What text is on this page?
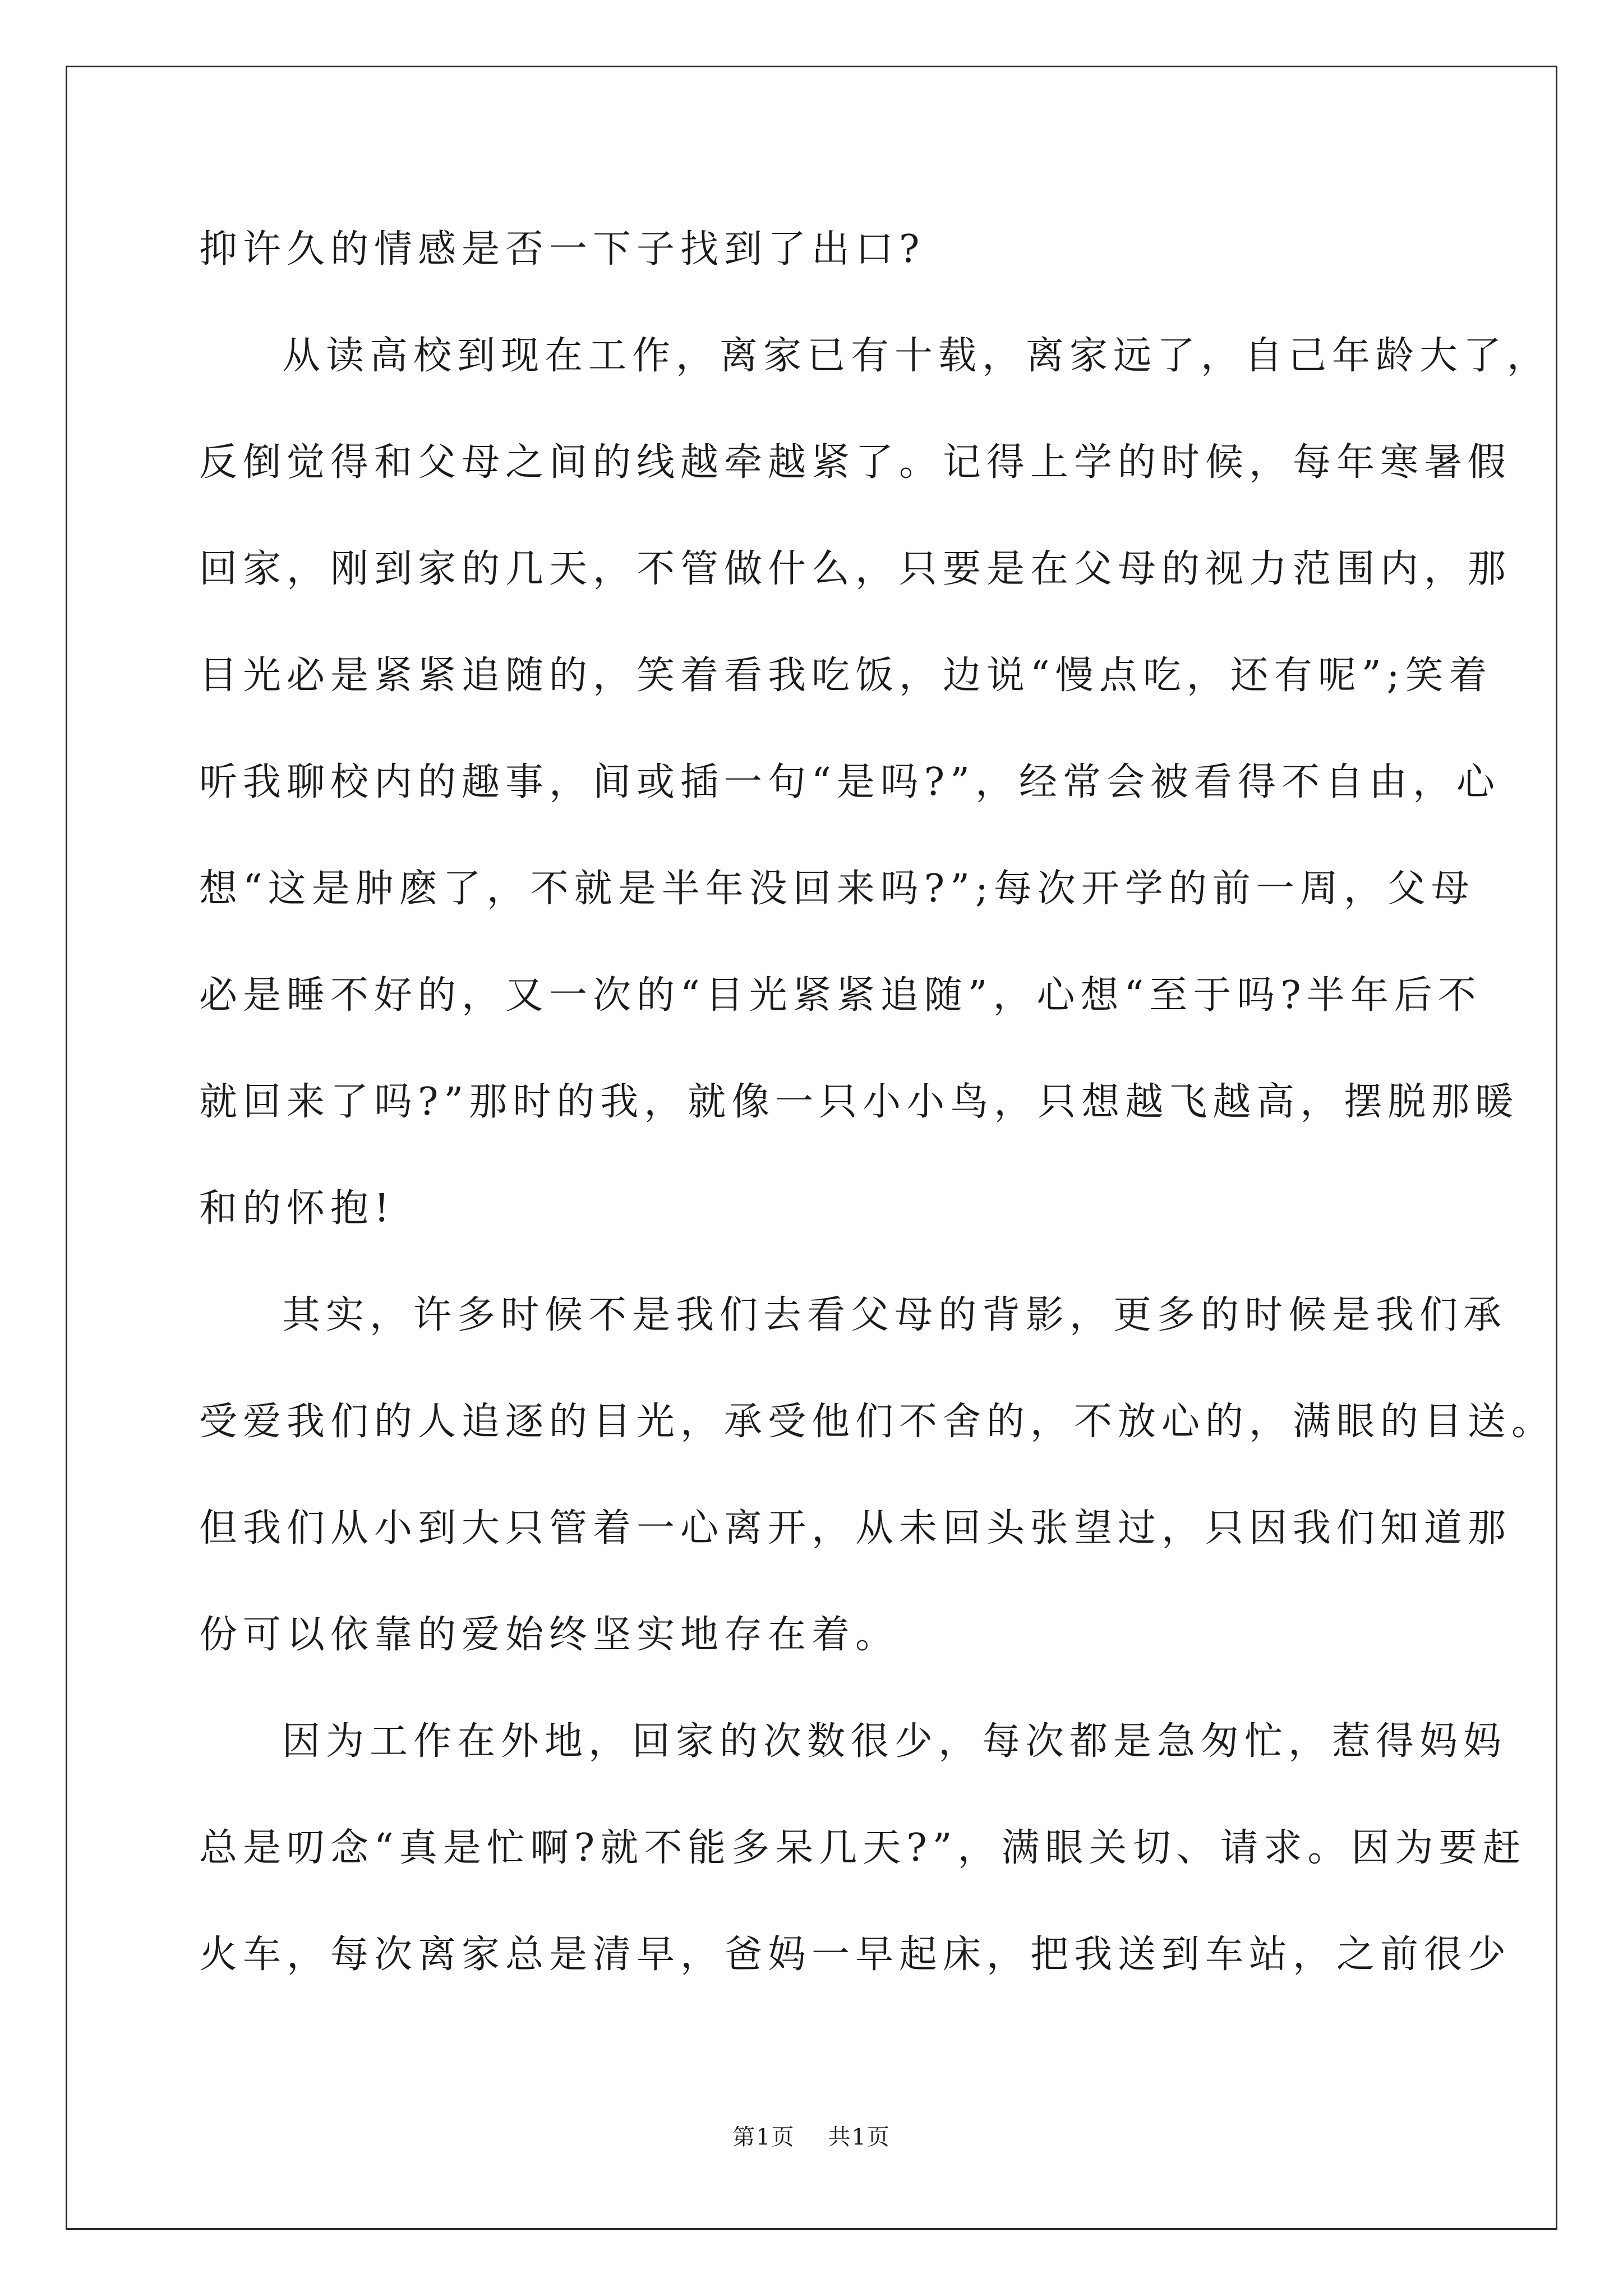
抑许久的情感是否一下子找到了出口?
从读高校到现在工作，离家已有十载，离家远了，自己年龄大了，
反倒觉得和父母之间的线越牵越紧了。记得上学的时候，每年寒暑假
回家，刚到家的几天，不管做什么，只要是在父母的视力范围内，那
目光必是紧紧追随的，笑着看我吃饭，边说“慢点吃，还有呢”;笑着
听我聊校内的趣事，间或插一句“是吗?”，经常会被看得不自由，心
想“这是肿麽了，不就是半年没回来吗?”;每次开学的前一周，父母
必是睡不好的，又一次的“目光紧紧追随”，心想“至于吗?半年后不
就回来了吗?”那时的我，就像一只小小鸟，只想越飞越高，摆脱那暖
和的怀抱!
其实，许多时候不是我们去看父母的背影，更多的时候是我们承
受爱我们的人追逐的目光，承受他们不舍的，不放心的，满眼的目送。
但我们从小到大只管着一心离开，从未回头张望过，只因我们知道那
份可以依靠的爱始终坚实地存在着。
因为工作在外地，回家的次数很少，每次都是急匆忙，惹得妈妈
总是叨念“真是忙啊?就不能多呆几天?”，满眼关切、请求。因为要赶
火车，每次离家总是清早，爸妈一早起床，把我送到车站，之前很少
第1页    共1页
